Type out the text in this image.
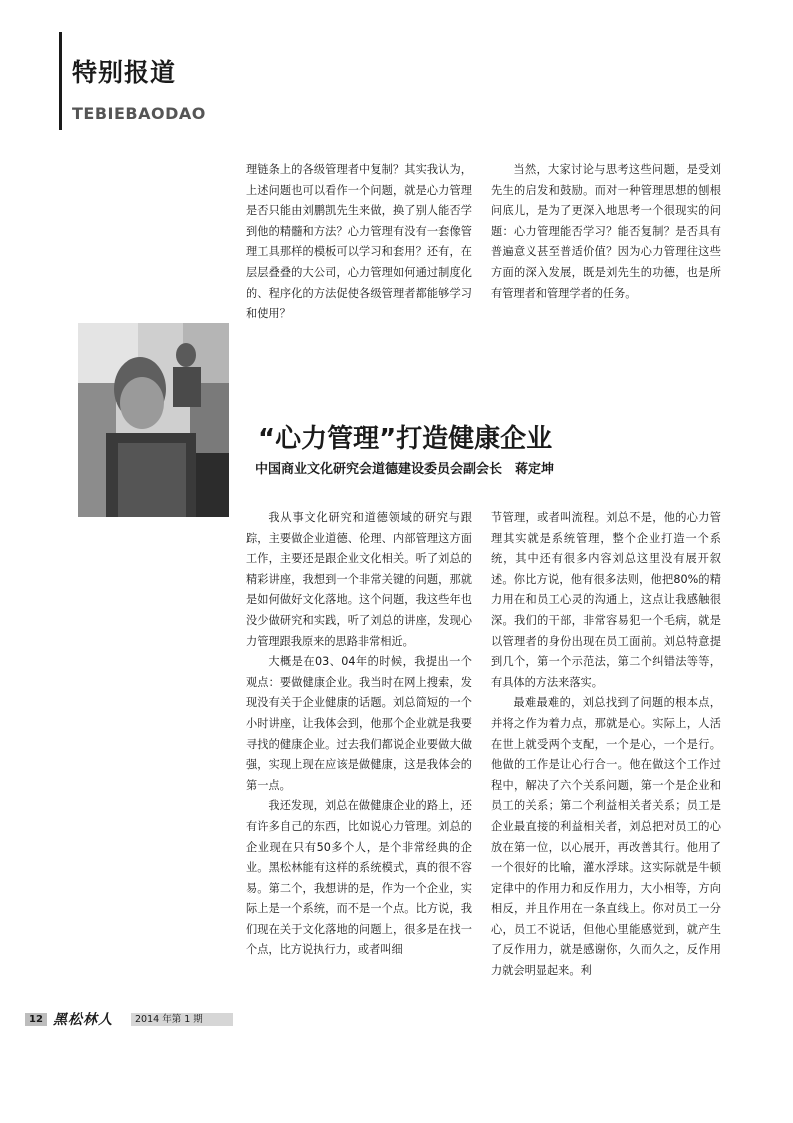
特别报道
TEBIEBAODAO

理链条上的各级管理者中复制？其实我认为，上述问题也可以看作一个问题，就是心力管理是否只能由刘鹏凯先生来做，换了别人能否学到他的精髓和方法？心力管理有没有一套像管理工具那样的模板可以学习和套用？还有，在层层叠叠的大公司，心力管理如何通过制度化的、程序化的方法促使各级管理者都能够学习和使用？

当然，大家讨论与思考这些问题，是受刘先生的启发和鼓励。而对一种管理思想的刨根问底儿，是为了更深入地思考一个很现实的问题：心力管理能否学习？能否复制？是否具有普遍意义甚至普适价值？因为心力管理往这些方面的深入发展，既是刘先生的功德，也是所有管理者和管理学者的任务。

“心力管理”打造健康企业
中国商业文化研究会道德建设委员会副会长　蒋定坤

我从事文化研究和道德领域的研究与跟踪，主要做企业道德、伦理、内部管理这方面工作，主要还是跟企业文化相关。听了刘总的精彩讲座，我想到一个非常关键的问题，那就是如何做好文化落地。这个问题，我这些年也没少做研究和实践，听了刘总的讲座，发现心力管理跟我原来的思路非常相近。

大概是在03、04年的时候，我提出一个观点：要做健康企业。我当时在网上搜索，发现没有关于企业健康的话题。刘总简短的一个小时讲座，让我体会到，他那个企业就是我要寻找的健康企业。过去我们都说企业要做大做强，实现上现在应该是做健康，这是我体会的第一点。

我还发现，刘总在做健康企业的路上，还有许多自己的东西，比如说心力管理。刘总的企业现在只有50多个人，是个非常经典的企业。黑松林能有这样的系统模式，真的很不容易。第二个，我想讲的是，作为一个企业，实际上是一个系统，而不是一个点。比方说，我们现在关于文化落地的问题上，很多是在找一个点，比方说执行力，或者叫细

节管理，或者叫流程。刘总不是，他的心力管理其实就是系统管理，整个企业打造一个系统，其中还有很多内容刘总这里没有展开叙述。你比方说，他有很多法则，他把80%的精力用在和员工心灵的沟通上，这点让我感触很深。我们的干部，非常容易犯一个毛病，就是以管理者的身份出现在员工面前。刘总特意提到几个，第一个示范法，第二个纠错法等等，有具体的方法来落实。

最难最难的，刘总找到了问题的根本点，并将之作为着力点，那就是心。实际上，人活在世上就受两个支配，一个是心，一个是行。他做的工作是让心行合一。他在做这个工作过程中，解决了六个关系问题，第一个是企业和员工的关系；第二个利益相关者关系；员工是企业最直接的利益相关者，刘总把对员工的心放在第一位，以心展开，再改善其行。他用了一个很好的比喻，灌水浮球。这实际就是牛顿定律中的作用力和反作用力，大小相等，方向相反，并且作用在一条直线上。你对员工一分心，员工不说话，但他心里能感觉到，就产生了反作用力，就是感谢你，久而久之，反作用力就会明显起来。利

12 黑松林人	2014 年第 1 期
